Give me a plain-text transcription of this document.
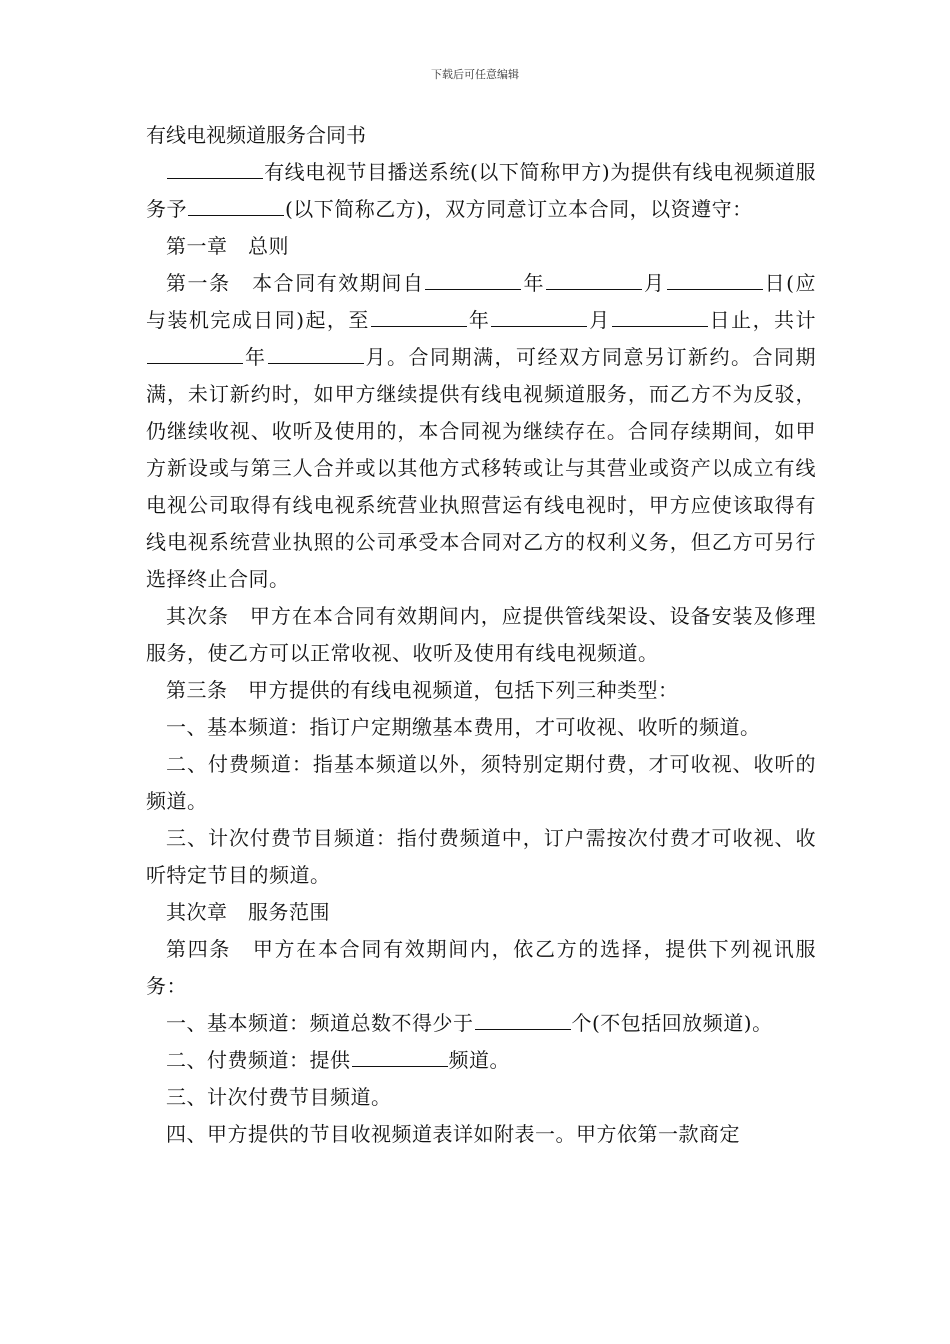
下载后可任意编辑

有线电视频道服务合同书

有线电视节目播送系统(以下简称甲方)为提供有线电视频道服务予	(以下简称乙方)，双方同意订立本合同，以资遵守：

第一章　总则

第一条　本合同有效期间自	年	月	日(应与装机完成日同)起，至	年	月	日止，共计年	月。合同期满，可经双方同意另订新约。合同期满，未订新约时，如甲方继续提供有线电视频道服务，而乙方不为反驳，仍继续收视、收听及使用的，本合同视为继续存在。合同存续期间，如甲方新设或与第三人合并或以其他方式移转或让与其营业或资产以成立有线电视公司取得有线电视系统营业执照营运有线电视时，甲方应使该取得有线电视系统营业执照的公司承受本合同对乙方的权利义务，但乙方可另行选择终止合同。

其次条　甲方在本合同有效期间内，应提供管线架设、设备安装及修理服务，使乙方可以正常收视、收听及使用有线电视频道。

第三条　甲方提供的有线电视频道，包括下列三种类型：

一、基本频道：指订户定期缴基本费用，才可收视、收听的频道。

二、付费频道：指基本频道以外，须特别定期付费，才可收视、收听的频道。

三、计次付费节目频道：指付费频道中，订户需按次付费才可收视、收听特定节目的频道。

其次章　服务范围

第四条　甲方在本合同有效期间内，依乙方的选择，提供下列视讯服务：

一、基本频道：频道总数不得少于	个(不包括回放频道)。

二、付费频道：提供	频道。

三、计次付费节目频道。

四、甲方提供的节目收视频道表详如附表一。甲方依第一款商定
